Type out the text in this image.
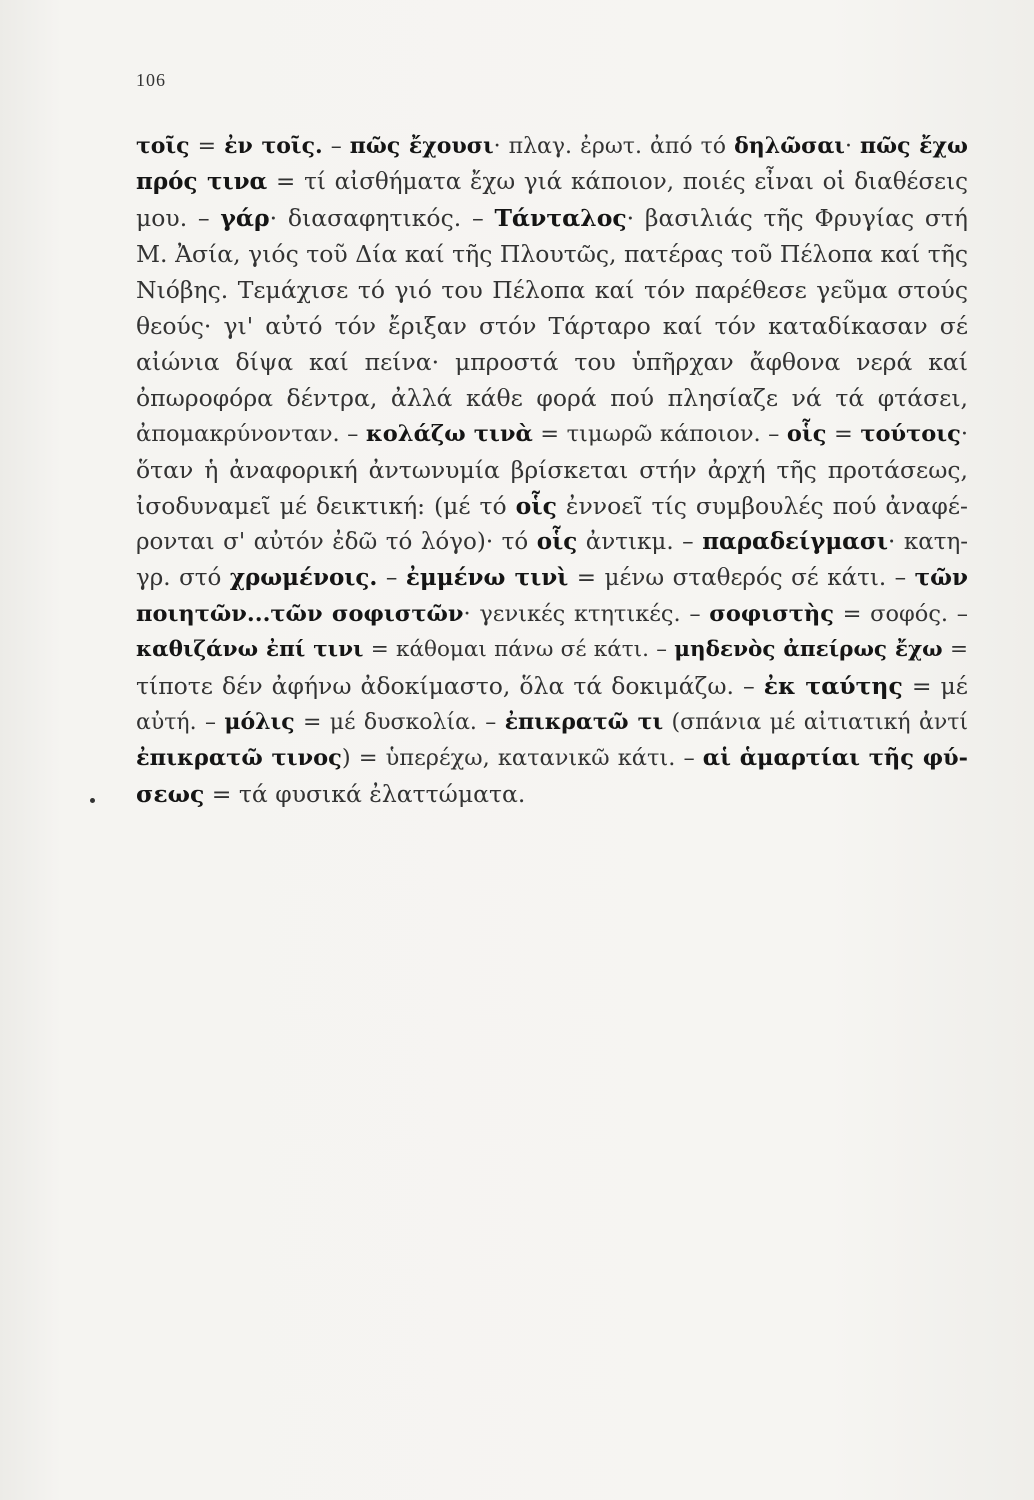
106
τοῖς = ἐν τοῖς. – πῶς ἔχουσι· πλαγ. ἐρωτ. ἀπό τό δηλῶσαι· πῶς ἔχω
πρός τινα = τί αἰσθήματα ἔχω γιά κάποιον, ποιές εἶναι οἱ διαθέσεις
μου. – γάρ· διασαφητικός. – Τάνταλος· βασιλιάς τῆς Φρυγίας στή
Μ. Ἀσία, γιός τοῦ Δία καί τῆς Πλουτῶς, πατέρας τοῦ Πέλοπα καί τῆς
Νιόβης. Τεμάχισε τό γιό του Πέλοπα καί τόν παρέθεσε γεῦμα στούς
θεούς· γι' αὐτό τόν ἔριξαν στόν Τάρταρο καί τόν καταδίκασαν σέ
αἰώνια δίψα καί πείνα· μπροστά του ὑπῆρχαν ἄφθονα νερά καί
ὀπωροφόρα δέντρα, ἀλλά κάθε φορά πού πλησίαζε νά τά φτάσει,
ἀπομακρύνονταν. – κολάζω τινὰ = τιμωρῶ κάποιον. – οἷς = τούτοις·
ὅταν ἡ ἀναφορική ἀντωνυμία βρίσκεται στήν ἀρχή τῆς προτάσεως,
ἰσοδυναμεῖ μέ δεικτική: (μέ τό οἷς ἐννοεῖ τίς συμβουλές πού ἀναφέ-
ρονται σ' αὐτόν ἐδῶ τό λόγο)· τό οἷς ἀντικμ. – παραδείγμασι· κατη-
γρ. στό χρωμένοις. – ἐμμένω τινὶ = μένω σταθερός σέ κάτι. – τῶν
ποιητῶν...τῶν σοφιστῶν· γενικές κτητικές. – σοφιστὴς = σοφός. –
καθιζάνω ἐπί τινι = κάθομαι πάνω σέ κάτι. – μηδενὸς ἀπείρως ἔχω =
τίποτε δέν ἀφήνω ἀδοκίμαστο, ὅλα τά δοκιμάζω. – ἐκ ταύτης = μέ
αὐτή. – μόλις = μέ δυσκολία. – ἐπικρατῶ τι (σπάνια μέ αἰτιατική ἀντί
ἐπικρατῶ τινος) = ὑπερέχω, κατανικῶ κάτι. – αἱ ἁμαρτίαι τῆς φύ-
σεως = τά φυσικά ἐλαττώματα.
